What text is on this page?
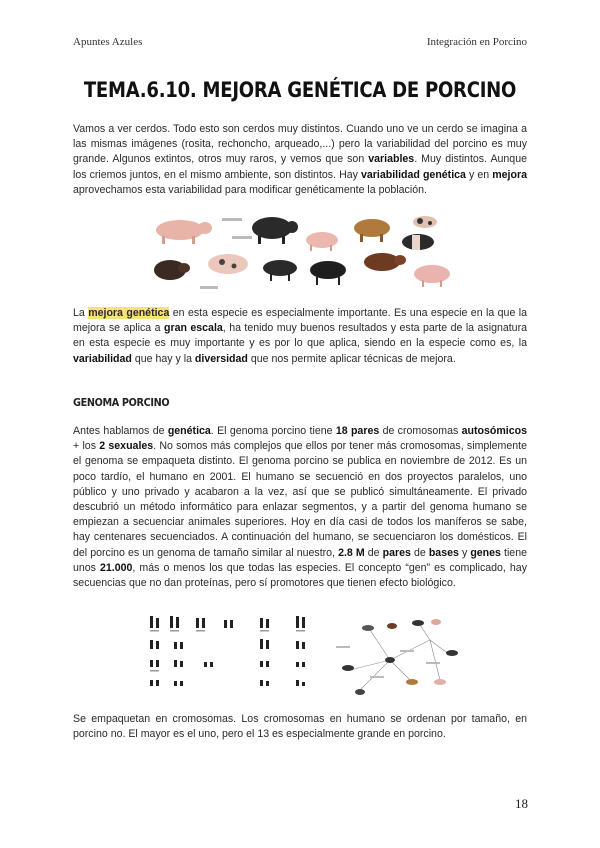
Apuntes Azules	Integración en Porcino
TEMA.6.10. MEJORA GENÉTICA DE PORCINO
Vamos a ver cerdos. Todo esto son cerdos muy distintos. Cuando uno ve un cerdo se imagina a las mismas imágenes (rosita, rechoncho, arqueado,...) pero la variabilidad del porcino es muy grande. Algunos extintos, otros muy raros, y vemos que son variables. Muy distintos. Aunque los criemos juntos, en el mismo ambiente, son distintos. Hay variabilidad genética y en mejora aprovechamos esta variabilidad para modificar genéticamente la población.
La mejora genética en esta especie es especialmente importante. Es una especie en la que la mejora se aplica a gran escala, ha tenido muy buenos resultados y esta parte de la asignatura en esta especie es muy importante y es por lo que aplica, siendo en la especie como es, la variabilidad que hay y la diversidad que nos permite aplicar técnicas de mejora.
GENOMA PORCINO
Antes hablamos de genética. El genoma porcino tiene 18 pares de cromosomas autosómicos + los 2 sexuales. No somos más complejos que ellos por tener más cromosomas, simplemente el genoma se empaqueta distinto. El genoma porcino se publica en noviembre de 2012. Es un poco tardío, el humano en 2001. El humano se secuenció en dos proyectos paralelos, uno público y uno privado y acabaron a la vez, así que se publicó simultáneamente. El privado descubrió un método informático para enlazar segmentos, y a partir del genoma humano se empiezan a secuenciar animales superiores. Hoy en día casi de todos los maníferos se sabe, hay centenares secuenciados. A continuación del humano, se secuenciaron los domésticos. El del porcino es un genoma de tamaño similar al nuestro, 2.8 M de pares de bases y genes tiene unos 21.000, más o menos los que todas las especies. El concepto “gen” es complicado, hay secuencias que no dan proteínas, pero sí promotores que tienen efecto biológico.
Se empaquetan en cromosomas. Los cromosomas en humano se ordenan por tamaño, en porcino no. El mayor es el uno, pero el 13 es especialmente grande en porcino.
18
